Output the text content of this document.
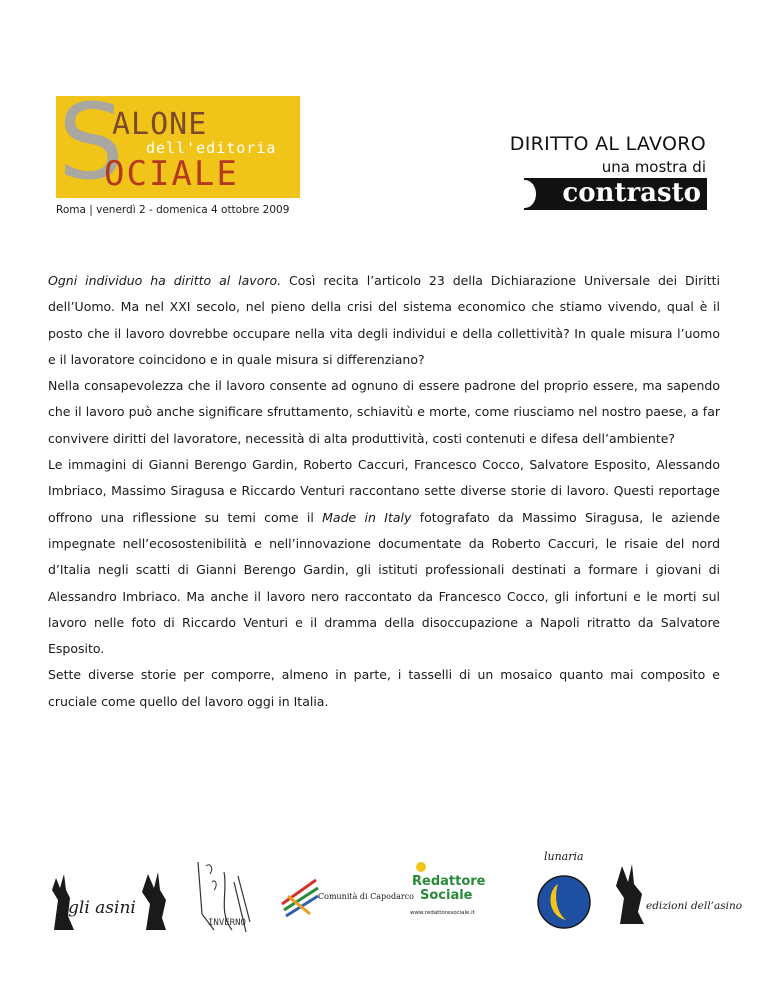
S
ALONE
dell'editoria
OCIALE
Roma | venerdì 2 - domenica 4 ottobre 2009
DIRITTO AL LAVORO
una mostra di
contrasto

Ogni individuo ha diritto al lavoro. Così recita l’articolo 23 della Dichiarazione Universale dei Diritti dell’Uomo. Ma nel XXI secolo, nel pieno della crisi del sistema economico che stiamo vivendo, qual è il posto che il lavoro dovrebbe occupare nella vita degli individui e della collettività? In quale misura l’uomo e il lavoratore coincidono e in quale misura si differenziano?

Nella consapevolezza che il lavoro consente ad ognuno di essere padrone del proprio essere, ma sapendo che il lavoro può anche significare sfruttamento, schiavitù e morte, come riusciamo nel nostro paese, a far convivere diritti del lavoratore, necessità di alta produttività, costi contenuti e difesa dell’ambiente?

Le immagini di Gianni Berengo Gardin, Roberto Caccuri, Francesco Cocco, Salvatore Esposito, Alessando Imbriaco, Massimo Siragusa e Riccardo Venturi raccontano sette diverse storie di lavoro. Questi reportage offrono una riflessione su temi come il Made in Italy fotografato da Massimo Siragusa, le aziende impegnate nell’ecosostenibilità e nell’innovazione documentate da Roberto Caccuri, le risaie del nord d’Italia negli scatti di Gianni Berengo Gardin, gli istituti professionali destinati a formare i giovani di Alessandro Imbriaco. Ma anche il lavoro nero raccontato da Francesco Cocco, gli infortuni e le morti sul lavoro nelle foto di Riccardo Venturi e il dramma della disoccupazione a Napoli ritratto da Salvatore Esposito.

Sette diverse storie per comporre, almeno in parte, i tasselli di un mosaico quanto mai composito e cruciale come quello del lavoro oggi in Italia.

gli asini
INVERNO
Comunità di Capodarco
Redattore
Sociale
www.redattoresociale.it
lunaria
edizioni dell’asino
